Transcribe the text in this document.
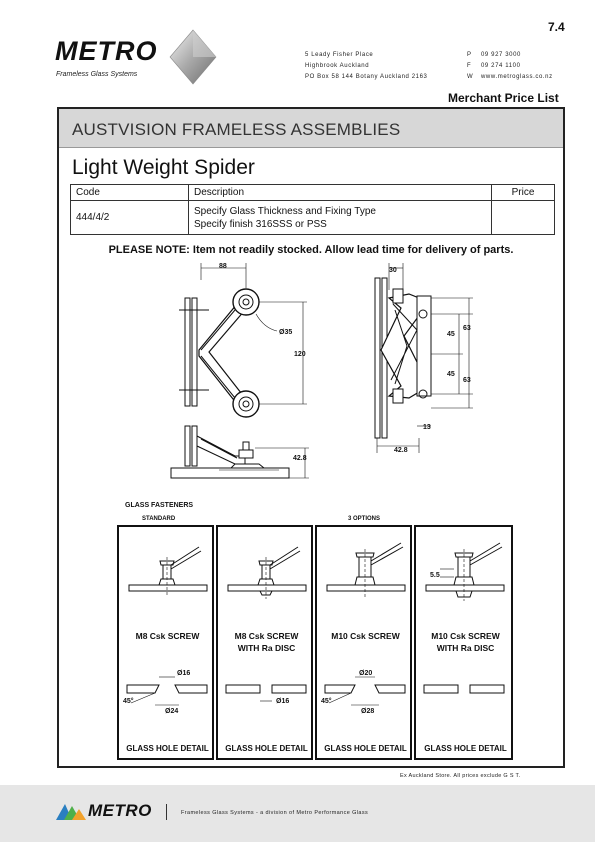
7.4
METRO
Frameless Glass Systems
5 Leady Fisher Place
Highbrook Auckland
PO Box 58 144 Botany Auckland 2163
P 09 927 3000
F 09 274 1100
W www.metroglass.co.nz
Merchant Price List
AUSTVISION FRAMELESS ASSEMBLIES
Light Weight Spider
Code	Description	Price
444/4/2	Specify Glass Thickness and Fixing Type
Specify finish 316SSS or PSS	

PLEASE NOTE: Item not readily stocked. Allow lead time for delivery of parts.
88
Ø35
120
42.8
30
45
63
45
63
13
42.8
GLASS FASTENERS
STANDARD	3 OPTIONS
M8 Csk SCREW
Ø16
Ø24
45°
GLASS HOLE DETAIL
M8 Csk SCREW
WITH Ra DISC
Ø16
GLASS HOLE DETAIL
M10 Csk SCREW
Ø20
Ø28
45°
GLASS HOLE DETAIL
5.5
M10 Csk SCREW
WITH Ra DISC
GLASS HOLE DETAIL
Ex Auckland Store. All prices exclude G S T.
METRO	Frameless Glass Systems - a division of Metro Performance Glass
